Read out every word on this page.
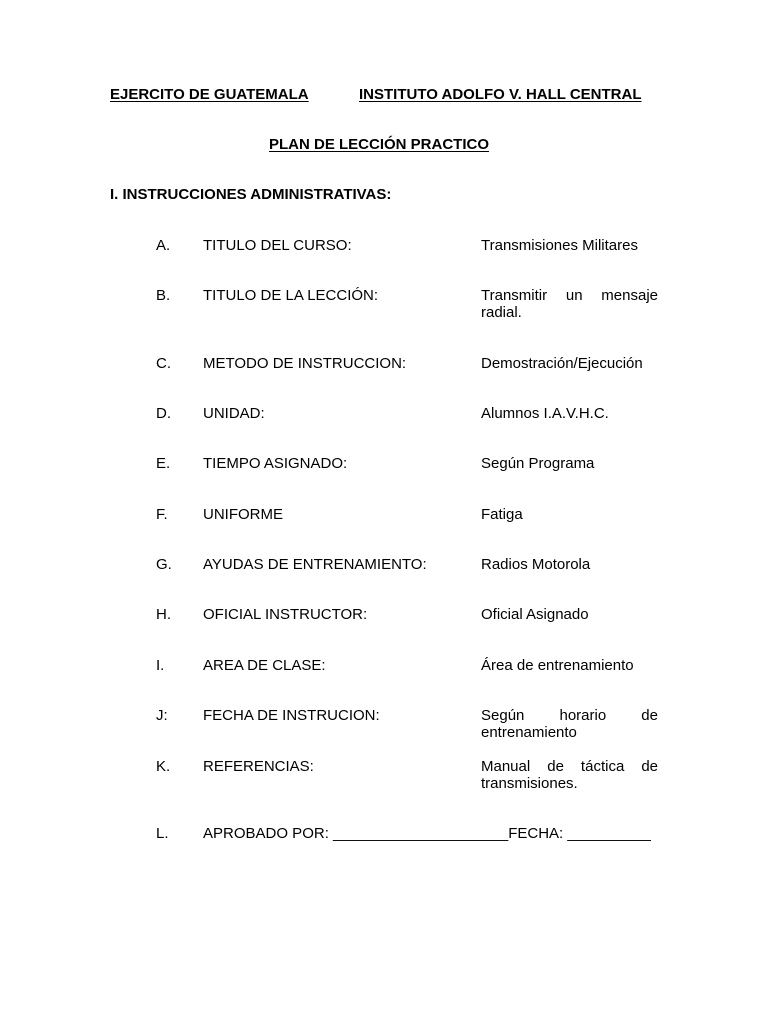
EJERCITO DE GUATEMALA	INSTITUTO ADOLFO V. HALL CENTRAL
PLAN DE LECCIÓN PRACTICO
I. INSTRUCCIONES ADMINISTRATIVAS:
A. TITULO DEL CURSO:	Transmisiones Militares
B. TITULO DE LA LECCIÓN:	Transmitir un mensaje
radial.
C. METODO DE INSTRUCCION:	Demostración/Ejecución
D. UNIDAD:	Alumnos I.A.V.H.C.
E. TIEMPO ASIGNADO:	Según Programa
F. UNIFORME	Fatiga
G. AYUDAS DE ENTRENAMIENTO:	Radios Motorola
H. OFICIAL INSTRUCTOR:	Oficial Asignado
I.	AREA DE CLASE:	Área de entrenamiento
J: FECHA DE INSTRUCION:	Según horario de
entrenamiento
K. REFERENCIAS:	Manual de táctica de
transmisiones.
L. APROBADO POR: _____________________FECHA: __________
